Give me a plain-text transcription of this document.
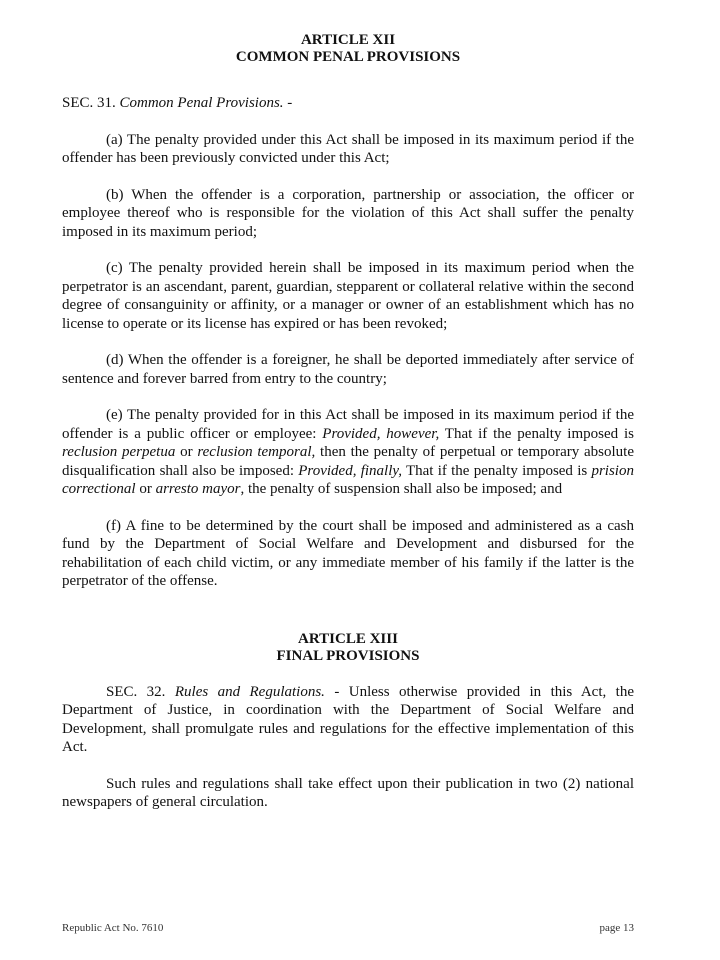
ARTICLE XII
COMMON PENAL PROVISIONS

SEC. 31. Common Penal Provisions. -

(a) The penalty provided under this Act shall be imposed in its maximum period if the offender has been previously convicted under this Act;

(b) When the offender is a corporation, partnership or association, the officer or employee thereof who is responsible for the violation of this Act shall suffer the penalty imposed in its maximum period;

(c) The penalty provided herein shall be imposed in its maximum period when the perpetrator is an ascendant, parent, guardian, stepparent or collateral relative within the second degree of consanguinity or affinity, or a manager or owner of an establishment which has no license to operate or its license has expired or has been revoked;

(d) When the offender is a foreigner, he shall be deported immediately after service of sentence and forever barred from entry to the country;

(e) The penalty provided for in this Act shall be imposed in its maximum period if the offender is a public officer or employee: Provided, however, That if the penalty imposed is reclusion perpetua or reclusion temporal, then the penalty of perpetual or temporary absolute disqualification shall also be imposed: Provided, finally, That if the penalty imposed is prision correctional or arresto mayor, the penalty of suspension shall also be imposed; and

(f) A fine to be determined by the court shall be imposed and administered as a cash fund by the Department of Social Welfare and Development and disbursed for the rehabilitation of each child victim, or any immediate member of his family if the latter is the perpetrator of the offense.

ARTICLE XIII
FINAL PROVISIONS

SEC. 32. Rules and Regulations. - Unless otherwise provided in this Act, the Department of Justice, in coordination with the Department of Social Welfare and Development, shall promulgate rules and regulations for the effective implementation of this Act.

Such rules and regulations shall take effect upon their publication in two (2) national newspapers of general circulation.

Republic Act No. 7610	page 13
